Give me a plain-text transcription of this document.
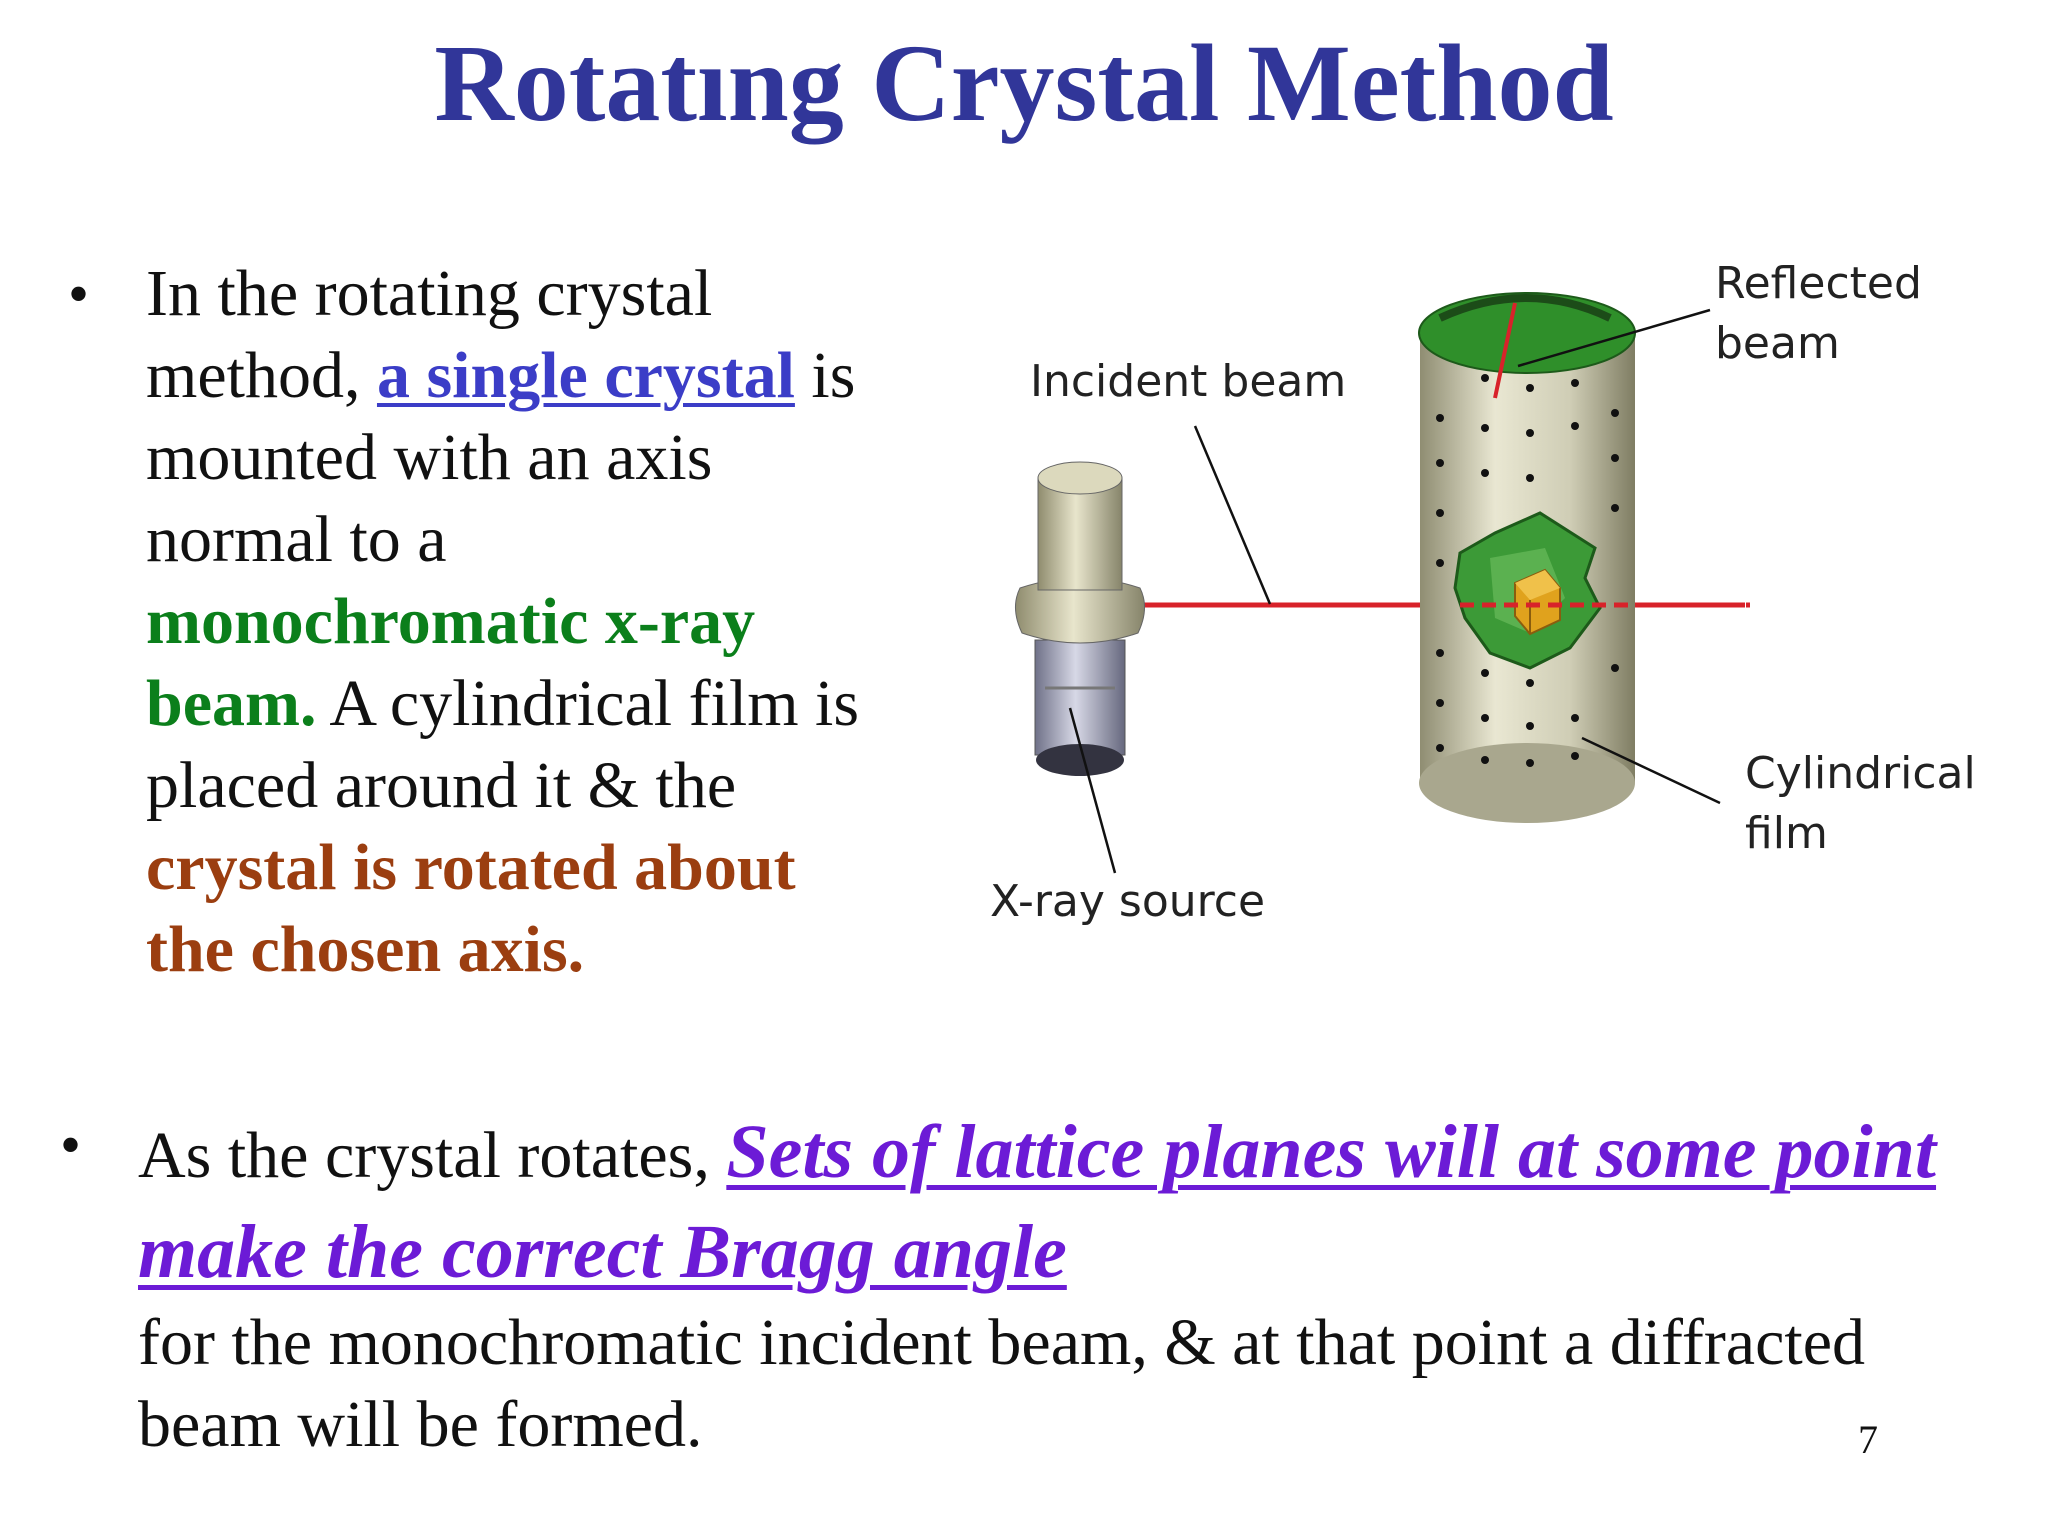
Rotatıng Crystal Method
• In the rotating crystal method, a single crystal is mounted with an axis normal to a monochromatic x-ray beam. A cylindrical film is placed around it & the crystal is rotated about the chosen axis.
Incident beam
Reflected
beam
Cylindrical
film
X-ray source
• As the crystal rotates, Sets of lattice planes will at some point make the correct Bragg angle
for the monochromatic incident beam, & at that point a diffracted beam will be formed.	7
